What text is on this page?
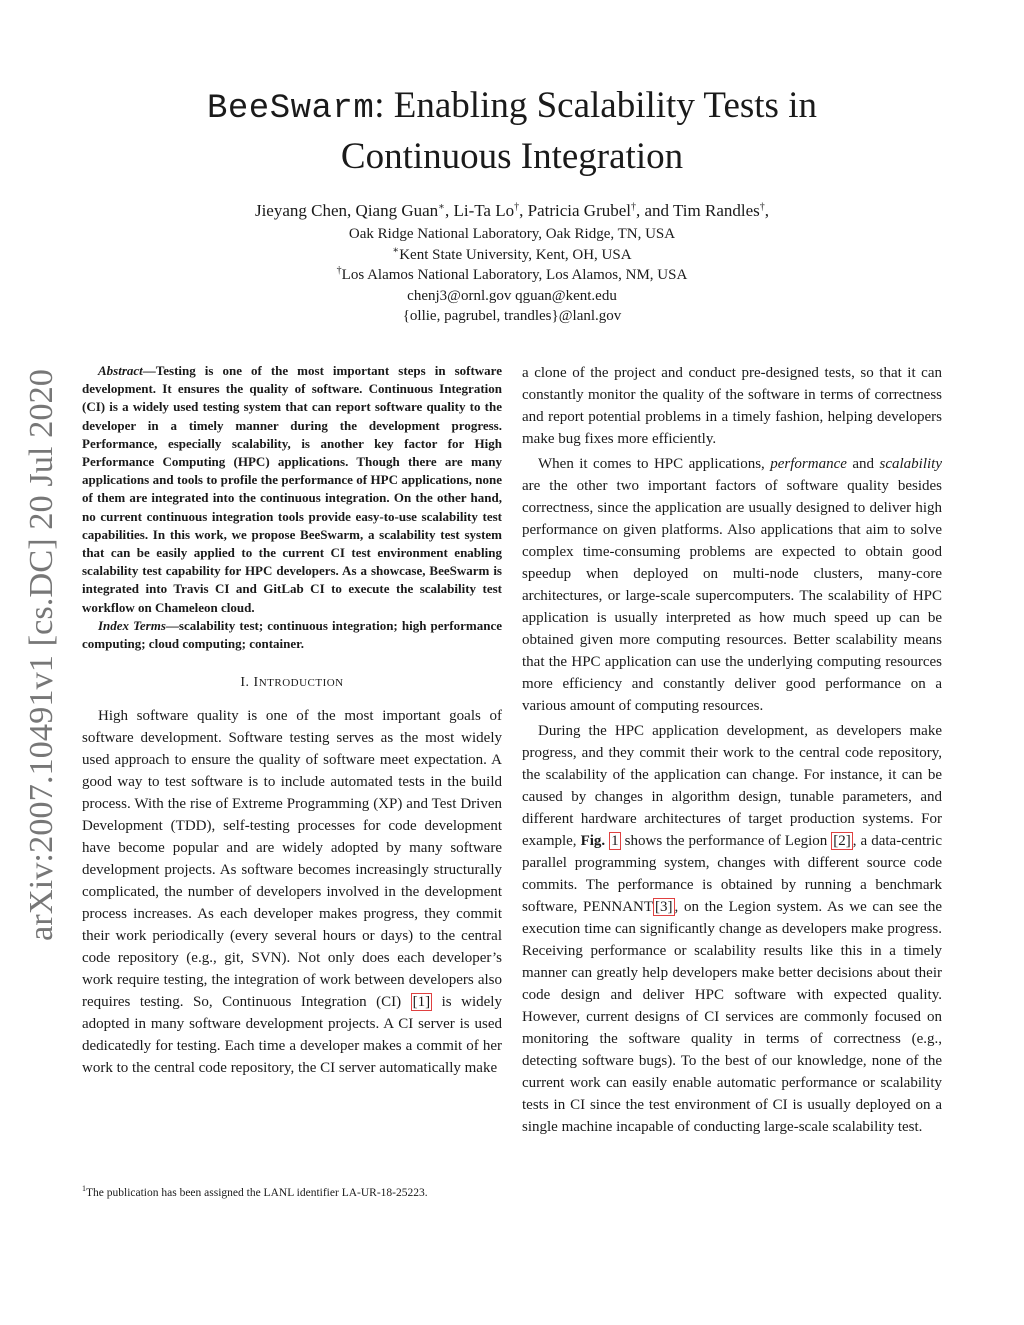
arXiv:2007.10491v1 [cs.DC] 20 Jul 2020
BeeSwarm: Enabling Scalability Tests in
Continuous Integration
Jieyang Chen, Qiang Guan∗, Li-Ta Lo†, Patricia Grubel†, and Tim Randles†,
Oak Ridge National Laboratory, Oak Ridge, TN, USA
∗Kent State University, Kent, OH, USA
†Los Alamos National Laboratory, Los Alamos, NM, USA
chenj3@ornl.gov qguan@kent.edu
{ollie, pagrubel, trandles}@lanl.gov

Abstract—Testing is one of the most important steps in software development. It ensures the quality of software. Continuous Integration (CI) is a widely used testing system that can report software quality to the developer in a timely manner during the development progress. Performance, especially scalability, is another key factor for High Performance Computing (HPC) applications. Though there are many applications and tools to profile the performance of HPC applications, none of them are integrated into the continuous integration. On the other hand, no current continuous integration tools provide easy-to-use scalability test capabilities. In this work, we propose BeeSwarm, a scalability test system that can be easily applied to the current CI test environment enabling scalability test capability for HPC developers. As a showcase, BeeSwarm is integrated into Travis CI and GitLab CI to execute the scalability test workflow on Chameleon cloud.

Index Terms—scalability test; continuous integration; high performance computing; cloud computing; container.

I. INTRODUCTION

High software quality is one of the most important goals of software development. Software testing serves as the most widely used approach to ensure the quality of software meet expectation. A good way to test software is to include automated tests in the build process. With the rise of Extreme Programming (XP) and Test Driven Development (TDD), self-testing processes for code development have become popular and are widely adopted by many software development projects. As software becomes increasingly structurally complicated, the number of developers involved in the development process increases. As each developer makes progress, they commit their work periodically (every several hours or days) to the central code repository (e.g., git, SVN). Not only does each developer’s work require testing, the integration of work between developers also requires testing. So, Continuous Integration (CI) [1] is widely adopted in many software development projects. A CI server is used dedicatedly for testing. Each time a developer makes a commit of her work to the central code repository, the CI server automatically make

$^1$The publication has been assigned the LANL identifier LA-UR-18-25223.

a clone of the project and conduct pre-designed tests, so that it can constantly monitor the quality of the software in terms of correctness and report potential problems in a timely fashion, helping developers make bug fixes more efficiently.

When it comes to HPC applications, performance and scalability are the other two important factors of software quality besides correctness, since the application are usually designed to deliver high performance on given platforms. Also applications that aim to solve complex time-consuming problems are expected to obtain good speedup when deployed on multi-node clusters, many-core architectures, or large-scale supercomputers. The scalability of HPC application is usually interpreted as how much speed up can be obtained given more computing resources. Better scalability means that the HPC application can use the underlying computing resources more efficiency and constantly deliver good performance on a various amount of computing resources.

During the HPC application development, as developers make progress, and they commit their work to the central code repository, the scalability of the application can change. For instance, it can be caused by changes in algorithm design, tunable parameters, and different hardware architectures of target production systems. For example, Fig. 1 shows the performance of Legion [2] , a data-centric parallel programming system, changes with different source code commits. The performance is obtained by running a benchmark software, PENNANT [3] , on the Legion system. As we can see the execution time can significantly change as developers make progress. Receiving performance or scalability results like this in a timely manner can greatly help developers make better decisions about their code design and deliver HPC software with expected quality. However, current designs of CI services are commonly focused on monitoring the software quality in terms of correctness (e.g., detecting software bugs). To the best of our knowledge, none of the current work can easily enable automatic performance or scalability tests in CI since the test environment of CI is usually deployed on a single machine incapable of conducting large-scale scalability test.
